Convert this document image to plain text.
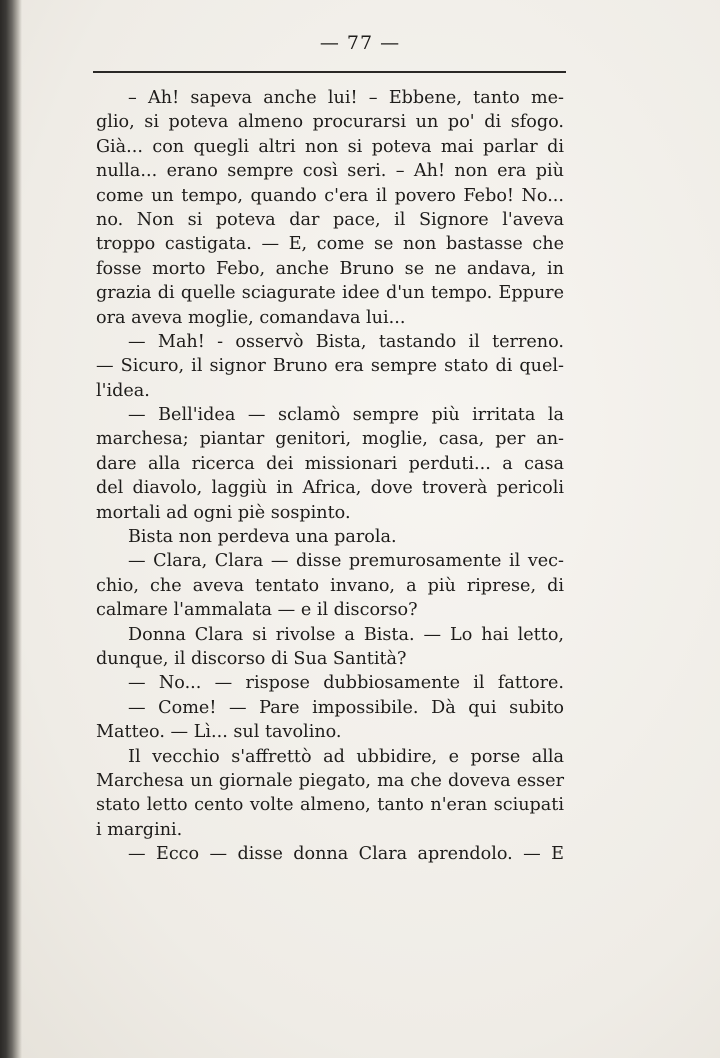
— 77 —
– Ah! sapeva anche lui! – Ebbene, tanto me-
glio, si poteva almeno procurarsi un po' di sfogo.
Già... con quegli altri non si poteva mai parlar di
nulla... erano sempre così seri. – Ah! non era più
come un tempo, quando c'era il povero Febo! No...
no. Non si poteva dar pace, il Signore l'aveva
troppo castigata. — E, come se non bastasse che
fosse morto Febo, anche Bruno se ne andava, in
grazia di quelle sciagurate idee d'un tempo. Eppure
ora aveva moglie, comandava lui...
— Mah! - osservò Bista, tastando il terreno.
— Sicuro, il signor Bruno era sempre stato di quel-
l'idea.
— Bell'idea — sclamò sempre più irritata la
marchesa; piantar genitori, moglie, casa, per an-
dare alla ricerca dei missionari perduti... a casa
del diavolo, laggiù in Africa, dove troverà pericoli
mortali ad ogni piè sospinto.
Bista non perdeva una parola.
— Clara, Clara — disse premurosamente il vec-
chio, che aveva tentato invano, a più riprese, di
calmare l'ammalata — e il discorso?
Donna Clara si rivolse a Bista. — Lo hai letto,
dunque, il discorso di Sua Santità?
— No... — rispose dubbiosamente il fattore.
— Come! — Pare impossibile. Dà qui subito
Matteo. — Lì... sul tavolino.
Il vecchio s'affrettò ad ubbidire, e porse alla
Marchesa un giornale piegato, ma che doveva esser
stato letto cento volte almeno, tanto n'eran sciupati
i margini.
— Ecco — disse donna Clara aprendolo. — E
